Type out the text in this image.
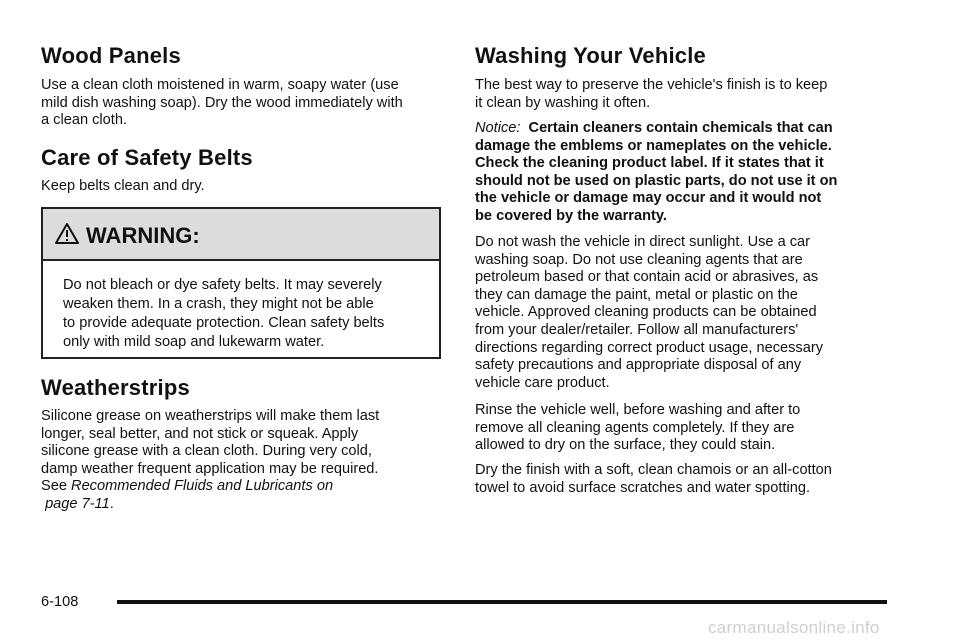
Wood Panels
Use a clean cloth moistened in warm, soapy water (use
mild dish washing soap). Dry the wood immediately with
a clean cloth.
Care of Safety Belts
Keep belts clean and dry.
WARNING:
Do not bleach or dye safety belts. It may severely
weaken them. In a crash, they might not be able
to provide adequate protection. Clean safety belts
only with mild soap and lukewarm water.
Weatherstrips
Silicone grease on weatherstrips will make them last
longer, seal better, and not stick or squeak. Apply
silicone grease with a clean cloth. During very cold,
damp weather frequent application may be required.
See Recommended Fluids and Lubricants on
page 7‑11.
Washing Your Vehicle
The best way to preserve the vehicle's finish is to keep
it clean by washing it often.
Notice: Certain cleaners contain chemicals that can
damage the emblems or nameplates on the vehicle.
Check the cleaning product label. If it states that it
should not be used on plastic parts, do not use it on
the vehicle or damage may occur and it would not
be covered by the warranty.
Do not wash the vehicle in direct sunlight. Use a car
washing soap. Do not use cleaning agents that are
petroleum based or that contain acid or abrasives, as
they can damage the paint, metal or plastic on the
vehicle. Approved cleaning products can be obtained
from your dealer/retailer. Follow all manufacturers'
directions regarding correct product usage, necessary
safety precautions and appropriate disposal of any
vehicle care product.
Rinse the vehicle well, before washing and after to
remove all cleaning agents completely. If they are
allowed to dry on the surface, they could stain.
Dry the finish with a soft, clean chamois or an all-cotton
towel to avoid surface scratches and water spotting.
6-108
carmanualsonline.info
